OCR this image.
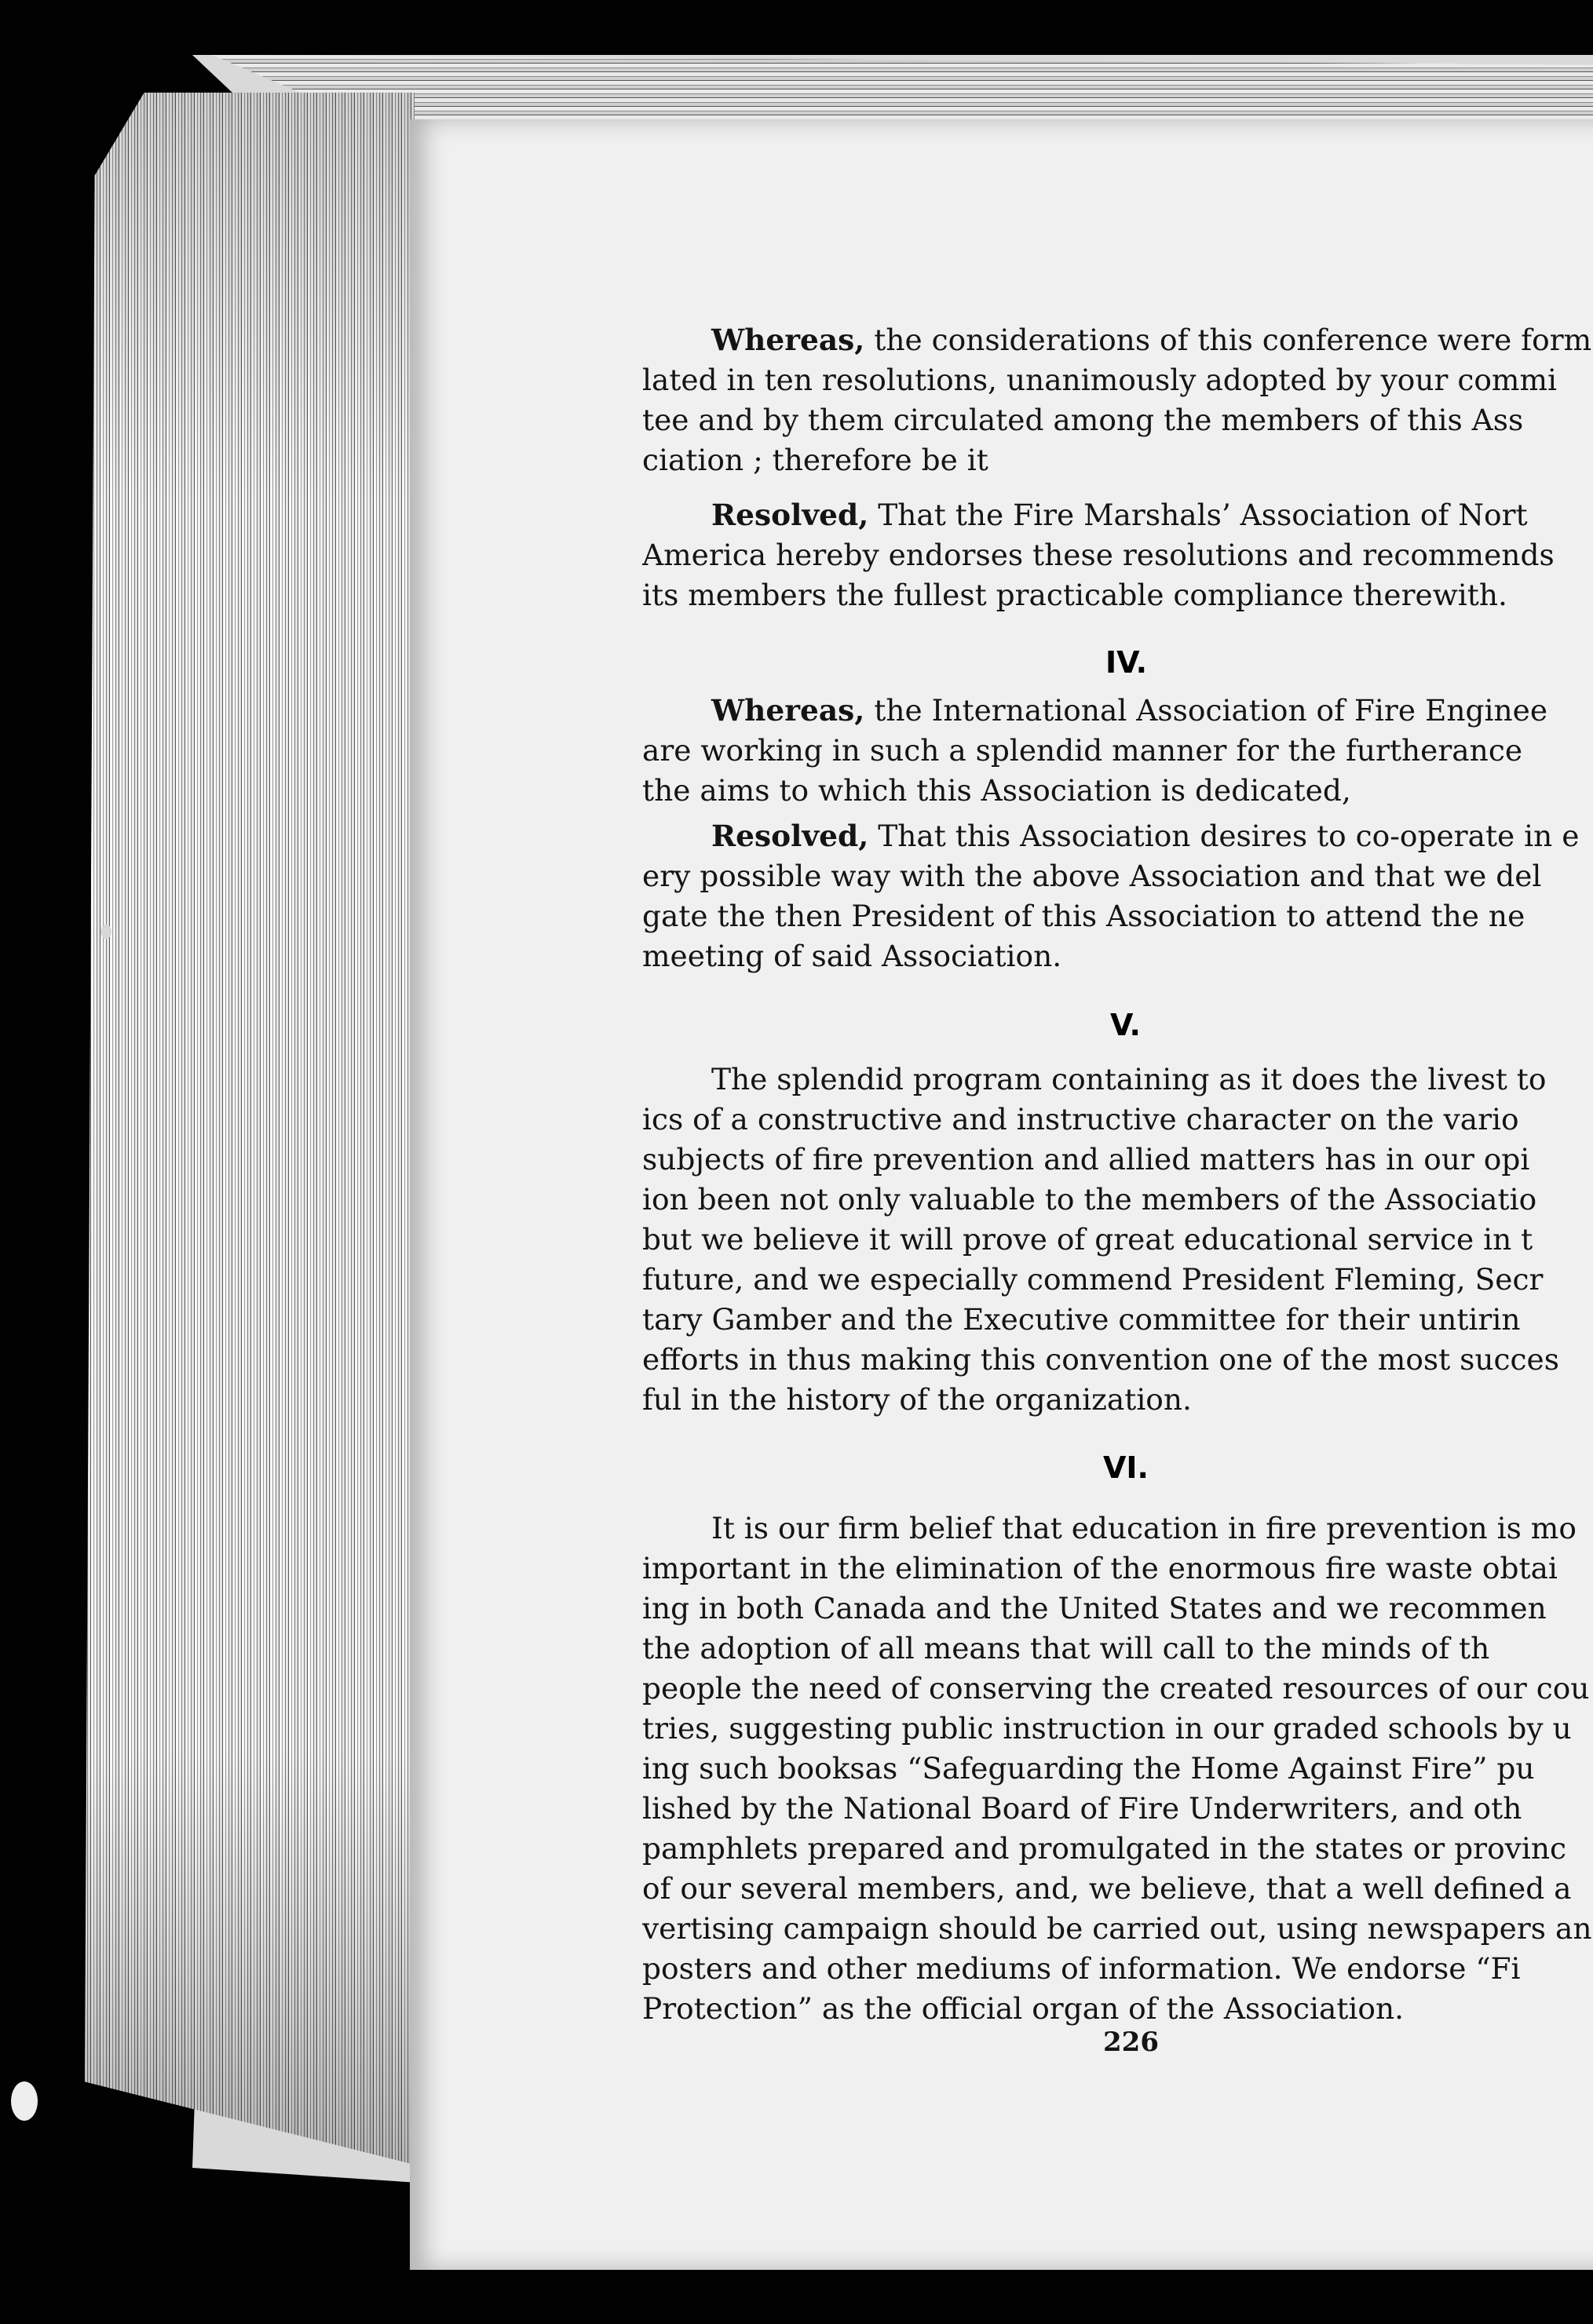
Whereas, the considerations of this conference were form
lated in ten resolutions, unanimously adopted by your commi
tee and by them circulated among the members of this Ass
ciation ; therefore be it
Resolved, That the Fire Marshals’ Association of Nort
America hereby endorses these resolutions and recommends
its members the fullest practicable compliance therewith.
IV.
Whereas, the International Association of Fire Enginee
are working in such a splendid manner for the furtherance
the aims to which this Association is dedicated,
Resolved, That this Association desires to co-operate in e
ery possible way with the above Association and that we del
gate the then President of this Association to attend the ne
meeting of said Association.
V.
The splendid program containing as it does the livest to
ics of a constructive and instructive character on the vario
subjects of fire prevention and allied matters has in our opi
ion been not only valuable to the members of the Associatio
but we believe it will prove of great educational service in t
future, and we especially commend President Fleming, Secr
tary Gamber and the Executive committee for their untirin
efforts in thus making this convention one of the most succes
ful in the history of the organization.
VI.
It is our firm belief that education in fire prevention is mo
important in the elimination of the enormous fire waste obtai
ing in both Canada and the United States and we recommen
the adoption of all means that will call to the minds of th
people the need of conserving the created resources of our cou
tries, suggesting public instruction in our graded schools by u
ing such booksas “Safeguarding the Home Against Fire” pu
lished by the National Board of Fire Underwriters, and oth
pamphlets prepared and promulgated in the states or provinc
of our several members, and, we believe, that a well defined a
vertising campaign should be carried out, using newspapers an
posters and other mediums of information. We endorse “Fi
Protection” as the official organ of the Association.
226
